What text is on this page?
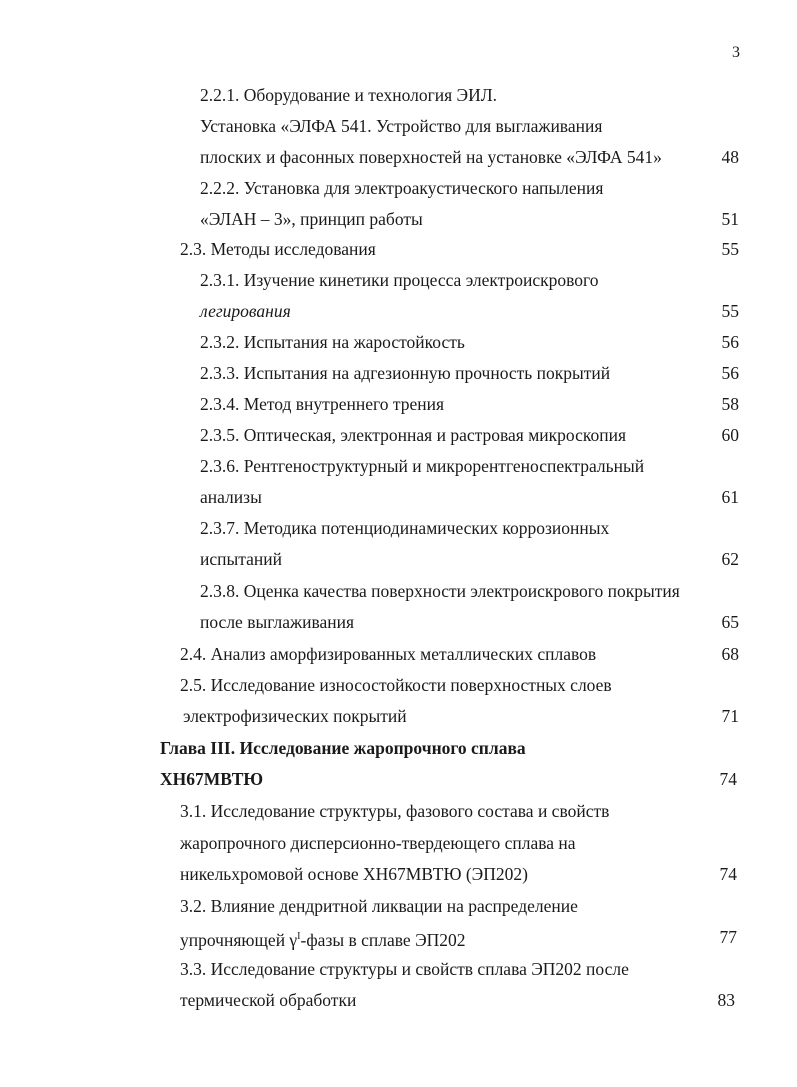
3
2.2.1. Оборудование и технология ЭИЛ.
Установка «ЭЛФА 541. Устройство для выглаживания
плоских и фасонных поверхностей на установке «ЭЛФА 541»	48
2.2.2. Установка для электроакустического напыления
«ЭЛАН – 3», принцип работы	51
2.3. Методы исследования	55
2.3.1. Изучение кинетики процесса электроискрового
легирования	55
2.3.2. Испытания на жаростойкость	56
2.3.3. Испытания на адгезионную прочность покрытий	56
2.3.4. Метод внутреннего трения	58
2.3.5. Оптическая, электронная и растровая микроскопия	60
2.3.6. Рентгеноструктурный и микрорентгеноспектральный
анализы	61
2.3.7. Методика потенциодинамических коррозионных
испытаний	62
2.3.8. Оценка качества поверхности электроискрового покрытия
после выглаживания	65
2.4. Анализ аморфизированных металлических сплавов	68
2.5. Исследование износостойкости поверхностных слоев
электрофизических покрытий	71
Глава III. Исследование жаропрочного сплава
ХН67МВТЮ	74
3.1. Исследование структуры, фазового состава и свойств
жаропрочного дисперсионно-твердеющего сплава на
никельхромовой основе ХН67МВТЮ (ЭП202)	74
3.2. Влияние дендритной ликвации на распределение
упрочняющей $\gamma^I$-фазы в сплаве ЭП202	77
3.3. Исследование структуры и свойств сплава ЭП202 после
термической обработки	83
